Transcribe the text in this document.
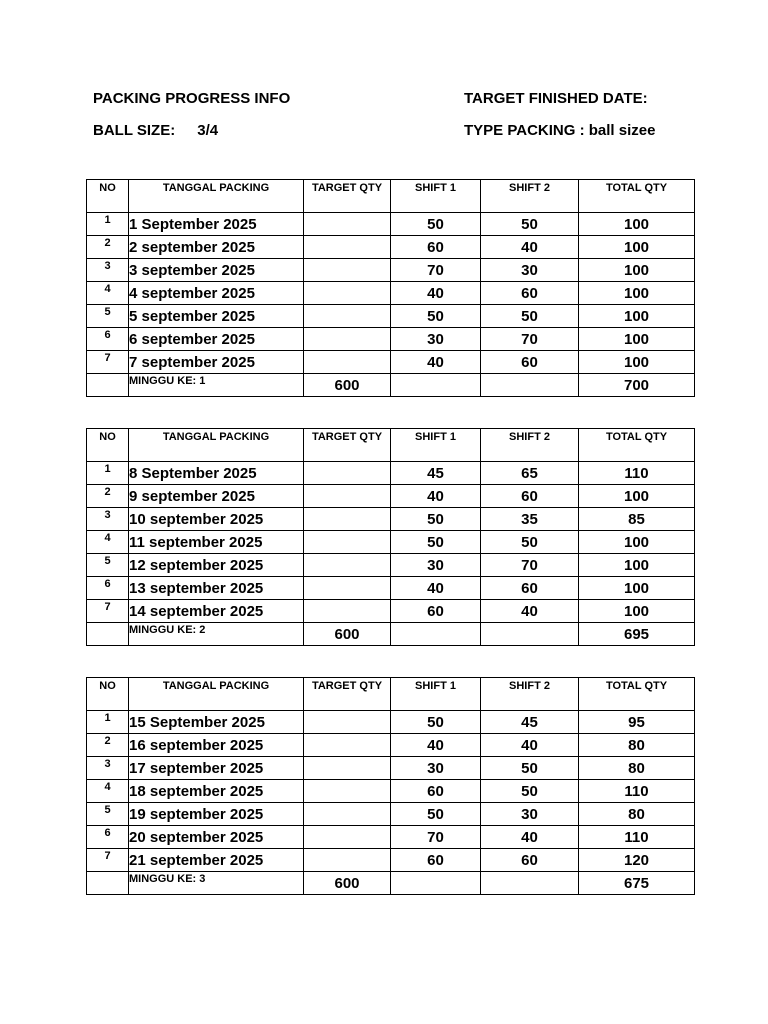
PACKING PROGRESS INFO	TARGET FINISHED DATE:
BALL SIZE: 3/4	TYPE PACKING : ball sizee
NO	TANGGAL PACKING	TARGET QTY	SHIFT 1	SHIFT 2	TOTAL QTY
1	1 September 2025		50	50	100
2	2 september 2025		60	40	100
3	3 september 2025		70	30	100
4	4 september 2025		40	60	100
5	5 september 2025		50	50	100
6	6 september 2025		30	70	100
7	7 september 2025		40	60	100
	MINGGU KE: 1	600			700
NO	TANGGAL PACKING	TARGET QTY	SHIFT 1	SHIFT 2	TOTAL QTY
1	8 September 2025		45	65	110
2	9 september 2025		40	60	100
3	10 september 2025		50	35	85
4	11 september 2025		50	50	100
5	12 september 2025		30	70	100
6	13 september 2025		40	60	100
7	14 september 2025		60	40	100
	MINGGU KE: 2	600			695
NO	TANGGAL PACKING	TARGET QTY	SHIFT 1	SHIFT 2	TOTAL QTY
1	15 September 2025		50	45	95
2	16 september 2025		40	40	80
3	17 september 2025		30	50	80
4	18 september 2025		60	50	110
5	19 september 2025		50	30	80
6	20 september 2025		70	40	110
7	21 september 2025		60	60	120
	MINGGU KE: 3	600			675
